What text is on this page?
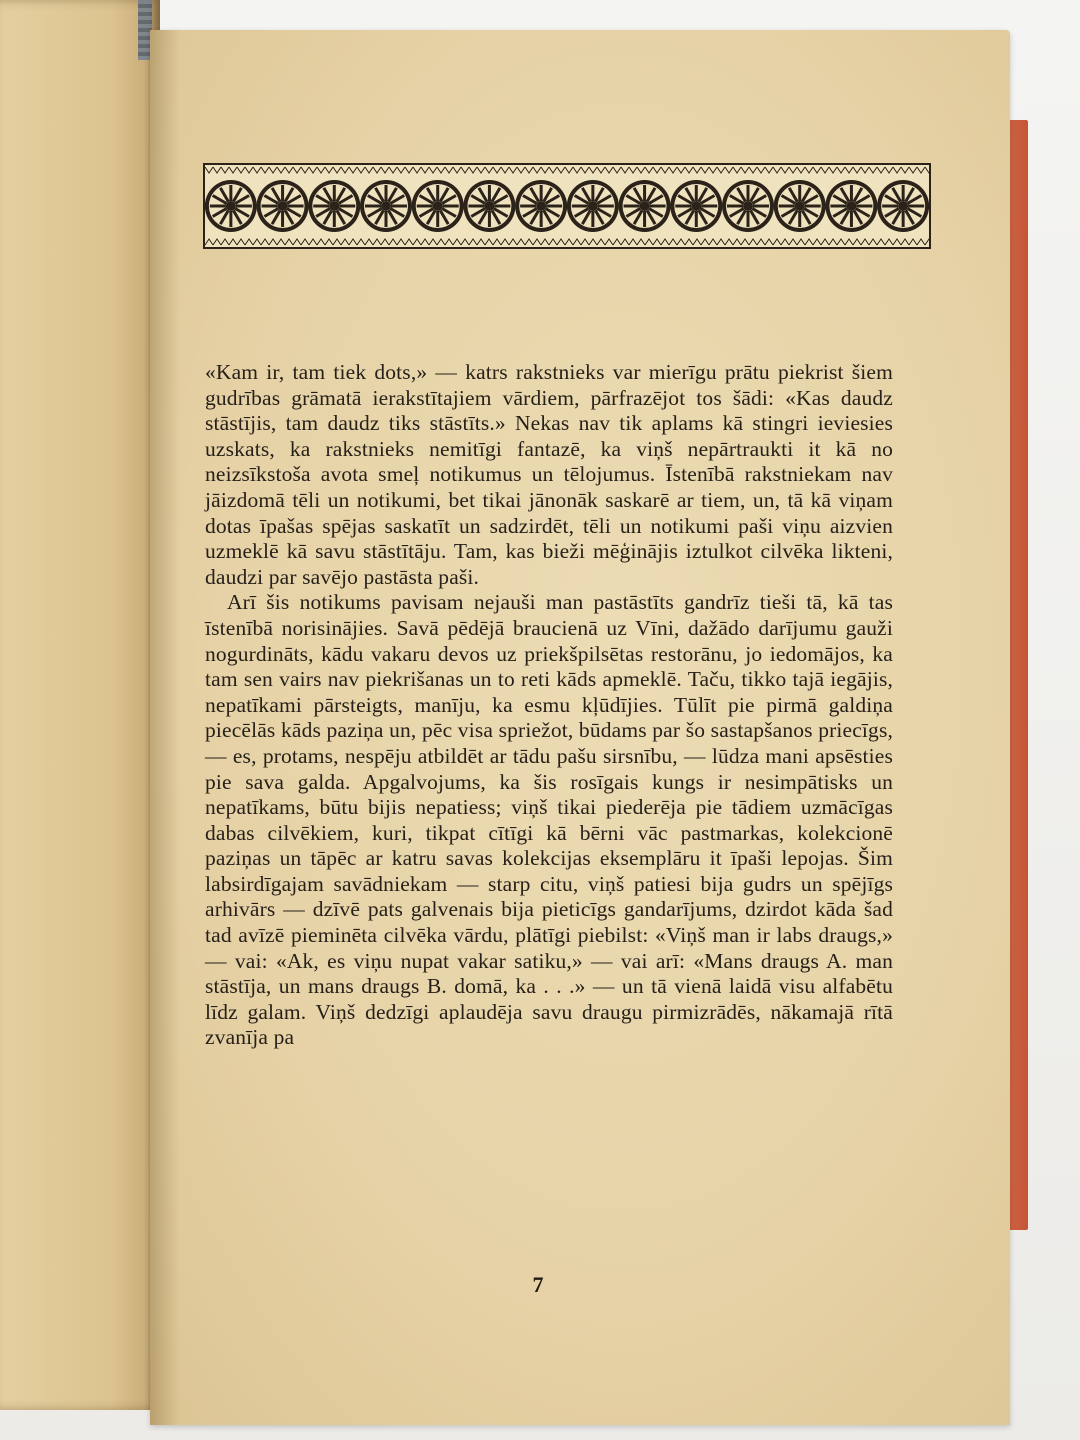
«Kam ir, tam tiek dots,» — katrs rakstnieks var mierīgu prātu piekrist šiem gudrības grāmatā ierakstītajiem vārdiem, pārfrazējot tos šādi: «Kas daudz stāstījis, tam daudz tiks stāstīts.» Nekas nav tik aplams kā stingri ieviesies uzskats, ka rakstnieks nemitīgi fantazē, ka viņš nepārtraukti it kā no neizsīkstoša avota smeļ notikumus un tēlojumus. Īstenībā rakstniekam nav jāizdomā tēli un notikumi, bet tikai jānonāk saskarē ar tiem, un, tā kā viņam dotas īpašas spējas saskatīt un sadzirdēt, tēli un notikumi paši viņu aizvien uzmeklē kā savu stāstītāju. Tam, kas bieži mēģinājis iztulkot cilvēka likteni, daudzi par savējo pastāsta paši.

Arī šis notikums pavisam nejauši man pastāstīts gandrīz tieši tā, kā tas īstenībā norisinājies. Savā pēdējā braucienā uz Vīni, dažādo darījumu gauži nogurdināts, kādu vakaru devos uz priekšpilsētas restorānu, jo iedomājos, ka tam sen vairs nav piekrišanas un to reti kāds apmeklē. Taču, tikko tajā iegājis, nepatīkami pārsteigts, manīju, ka esmu kļūdījies. Tūlīt pie pirmā galdiņa piecēlās kāds paziņa un, pēc visa spriežot, būdams par šo sastapšanos priecīgs, — es, protams, nespēju atbildēt ar tādu pašu sirsnību, — lūdza mani apsēsties pie sava galda. Apgalvojums, ka šis rosīgais kungs ir nesimpātisks un nepatīkams, būtu bijis nepatiess; viņš tikai piederēja pie tādiem uzmācīgas dabas cilvēkiem, kuri, tikpat cītīgi kā bērni vāc pastmarkas, kolekcionē paziņas un tāpēc ar katru savas kolekcijas eksemplāru it īpaši lepojas. Šim labsirdīgajam savādniekam — starp citu, viņš patiesi bija gudrs un spējīgs arhivārs — dzīvē pats galvenais bija pieticīgs gandarījums, dzirdot kāda šad tad avīzē pieminēta cilvēka vārdu, plātīgi piebilst: «Viņš man ir labs draugs,» — vai: «Ak, es viņu nupat vakar satiku,» — vai arī: «Mans draugs A. man stāstīja, un mans draugs B. domā, ka . . .» — un tā vienā laidā visu alfabētu līdz galam. Viņš dedzīgi aplaudēja savu draugu pirmizrādēs, nākamajā rītā zvanīja pa

7
